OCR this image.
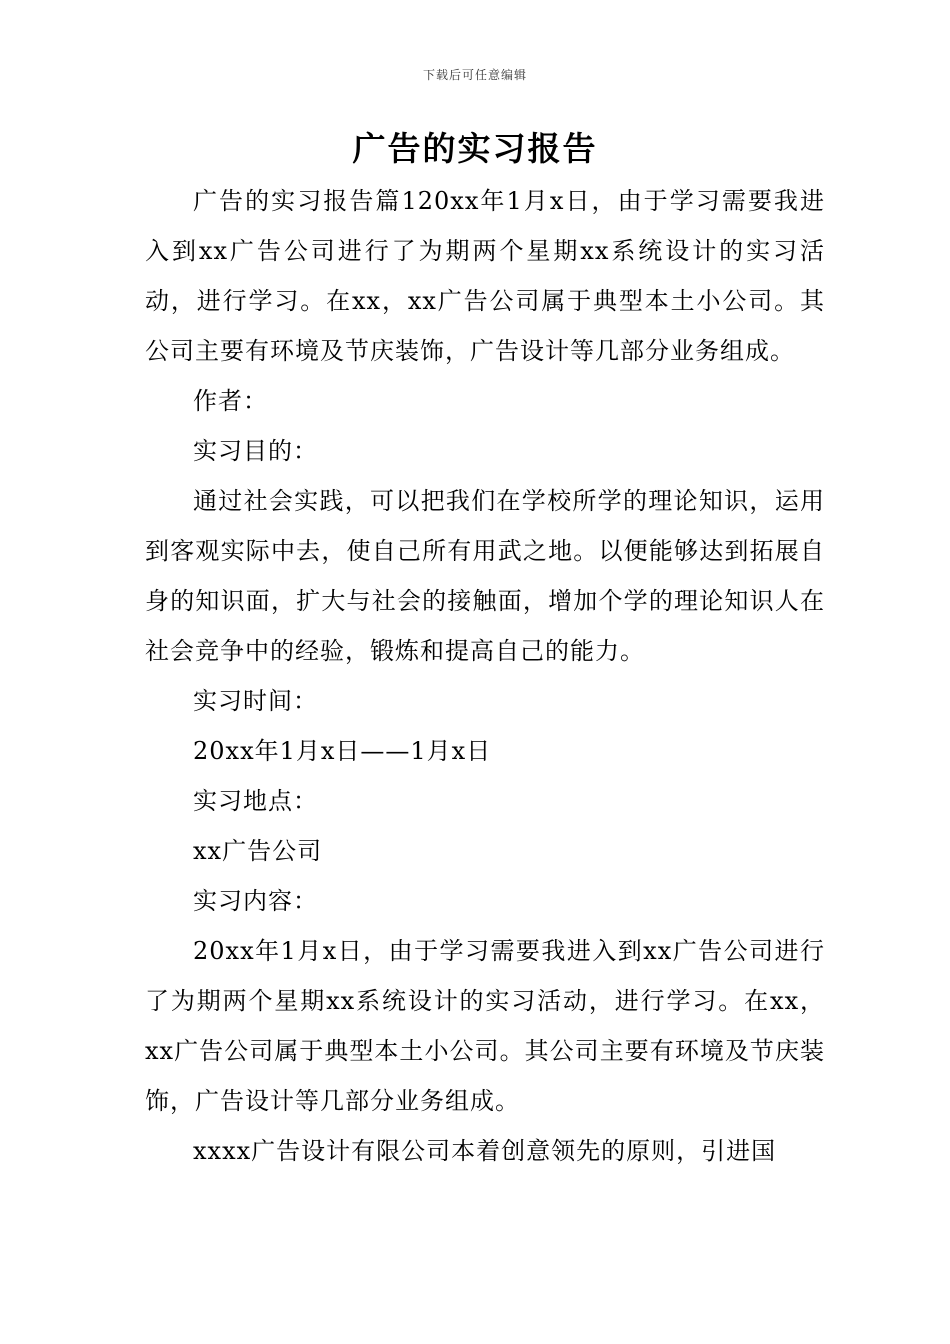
下载后可任意编辑
广告的实习报告

广告的实习报告篇120xx年1月x日，由于学习需要我进入到xx广告公司进行了为期两个星期xx系统设计的实习活动，进行学习。在xx，xx广告公司属于典型本土小公司。其公司主要有环境及节庆装饰，广告设计等几部分业务组成。

作者：

实习目的：

通过社会实践，可以把我们在学校所学的理论知识，运用到客观实际中去，使自己所有用武之地。以便能够达到拓展自身的知识面，扩大与社会的接触面，增加个学的理论知识人在社会竞争中的经验，锻炼和提高自己的能力。

实习时间：

20xx年1月x日——1月x日

实习地点：

xx广告公司

实习内容：

20xx年1月x日，由于学习需要我进入到xx广告公司进行了为期两个星期xx系统设计的实习活动，进行学习。在xx，xx广告公司属于典型本土小公司。其公司主要有环境及节庆装饰，广告设计等几部分业务组成。

xxxx广告设计有限公司本着创意领先的原则，引进国
